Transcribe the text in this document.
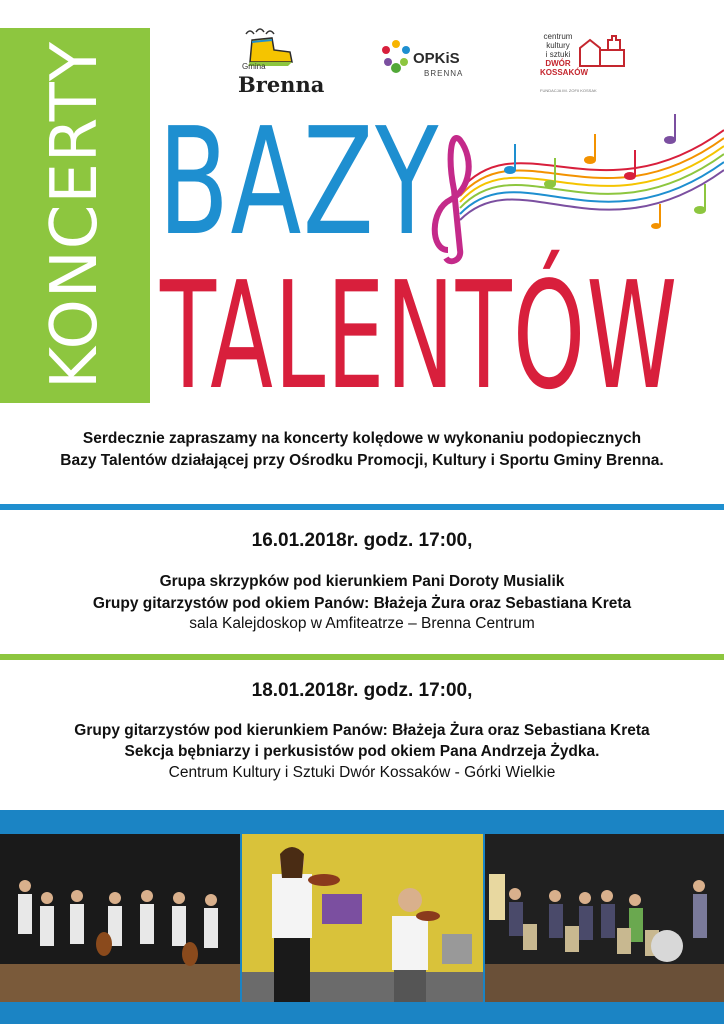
KONCERTY	Gmina
Brenna
OPKiS
BRENNA
centrum
kultury
i sztuki
DWÓR
KOSSAKÓW
FUNDACJA IM. ZOFII KOSSAK
BAZY
TALENTÓW
Serdecznie zapraszamy na koncerty kolędowe w wykonaniu podopiecznych
Bazy Talentów działającej przy Ośrodku Promocji, Kultury i Sportu Gminy Brenna.
16.01.2018r. godz. 17:00,
Grupa skrzypków pod kierunkiem Pani Doroty Musialik
Grupy gitarzystów pod okiem Panów: Błażeja Żura oraz Sebastiana Kreta
sala Kalejdoskop w Amfiteatrze – Brenna Centrum
18.01.2018r. godz. 17:00,
Grupy gitarzystów pod kierunkiem Panów: Błażeja Żura oraz Sebastiana Kreta
Sekcja bębniarzy i perkusistów pod okiem Pana Andrzeja Żydka.
Centrum Kultury i Sztuki Dwór Kossaków - Górki Wielkie
